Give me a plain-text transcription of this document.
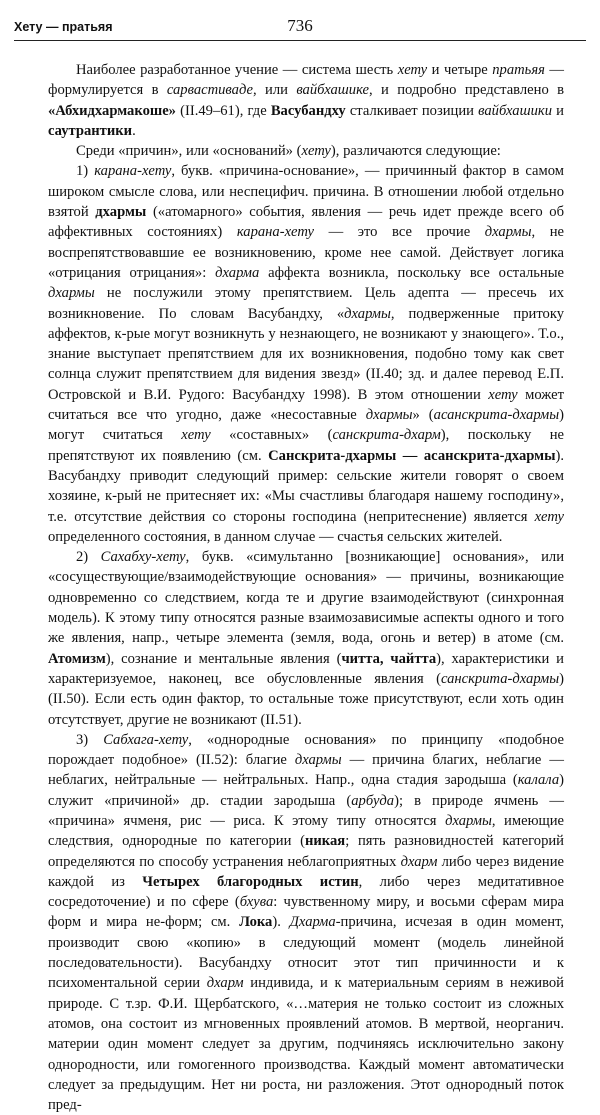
Хету — пратьяя	736

Наиболее разработанное учение — система шесть хету и четыре пратьяя — формулируется в сарвастиваде, или вайбхашике, и подробно представлено в «Абхидхармакоше» (II.49–61), где Васубандху сталкивает позиции вайбхашики и саутрантики.

Среди «причин», или «оснований» (хету), различаются следующие:

1) карана-хету, букв. «причина-основание», — причинный фактор в самом широком смысле слова, или неспецифич. причина. В отношении любой отдельно взятой дхармы («атомарного» события, явления — речь идет прежде всего об аффективных состояниях) карана-хету — это все прочие дхармы, не воспрепятствовавшие ее возникновению, кроме нее самой. Действует логика «отрицания отрицания»: дхарма аффекта возникла, поскольку все остальные дхармы не послужили этому препятствием. Цель адепта — пресечь их возникновение. По словам Васубандху, «дхармы, подверженные притоку аффектов, к-рые могут возникнуть у незнающего, не возникают у знающего». Т.о., знание выступает препятствием для их возникновения, подобно тому как свет солнца служит препятствием для видения звезд» (II.40; зд. и далее перевод Е.П. Островской и В.И. Рудого: Васубандху 1998). В этом отношении хету может считаться все что угодно, даже «несоставные дхармы» (асанскрита-дхармы) могут считаться хету «составных» (санскрита-дхарм), поскольку не препятствуют их появлению (см. Санскрита-дхармы — асанскрита-дхармы). Васубандху приводит следующий пример: сельские жители говорят о своем хозяине, к-рый не притесняет их: «Мы счастливы благодаря нашему господину», т.е. отсутствие действия со стороны господина (непритеснение) является хету определенного состояния, в данном случае — счастья сельских жителей.

2) Сахабху-хету, букв. «симультанно [возникающие] основания», или «сосуществующие/взаимодействующие основания» — причины, возникающие одновременно со следствием, когда те и другие взаимодействуют (синхронная модель). К этому типу относятся разные взаимозависимые аспекты одного и того же явления, напр., четыре элемента (земля, вода, огонь и ветер) в атоме (см. Атомизм), сознание и ментальные явления (читта, чайтта), характеристики и характеризуемое, наконец, все обусловленные явления (санскрита-дхармы) (II.50). Если есть один фактор, то остальные тоже присутствуют, если хоть один отсутствует, другие не возникают (II.51).

3) Сабхага-хету, «однородные основания» по принципу «подобное порождает подобное» (II.52): благие дхармы — причина благих, неблагие — неблагих, нейтральные — нейтральных. Напр., одна стадия зародыша (калала) служит «причиной» др. стадии зародыша (арбуда); в природе ячмень — «причина» ячменя, рис — риса. К этому типу относятся дхармы, имеющие следствия, однородные по категории (никая; пять разновидностей категорий определяются по способу устранения неблагоприятных дхарм либо через видение каждой из Четырех благородных истин, либо через медитативное сосредоточение) и по сфере (бхува: чувственному миру, и восьми сферам мира форм и мира не-форм; см. Лока). Дхарма-причина, исчезая в один момент, производит свою «копию» в следующий момент (модель линейной последовательности). Васубандху относит этот тип причинности и к психоментальной серии дхарм индивида, и к материальным сериям в неживой природе. С т.зр. Ф.И. Щербатского, «…материя не только состоит из сложных атомов, она состоит из мгновенных проявлений атомов. В мертвой, неорганич. материи один момент следует за другим, подчиняясь исключительно закону однородности, или гомогенного производства. Каждый момент автоматически следует за предыдущим. Нет ни роста, ни разложения. Этот однородный поток пред-
